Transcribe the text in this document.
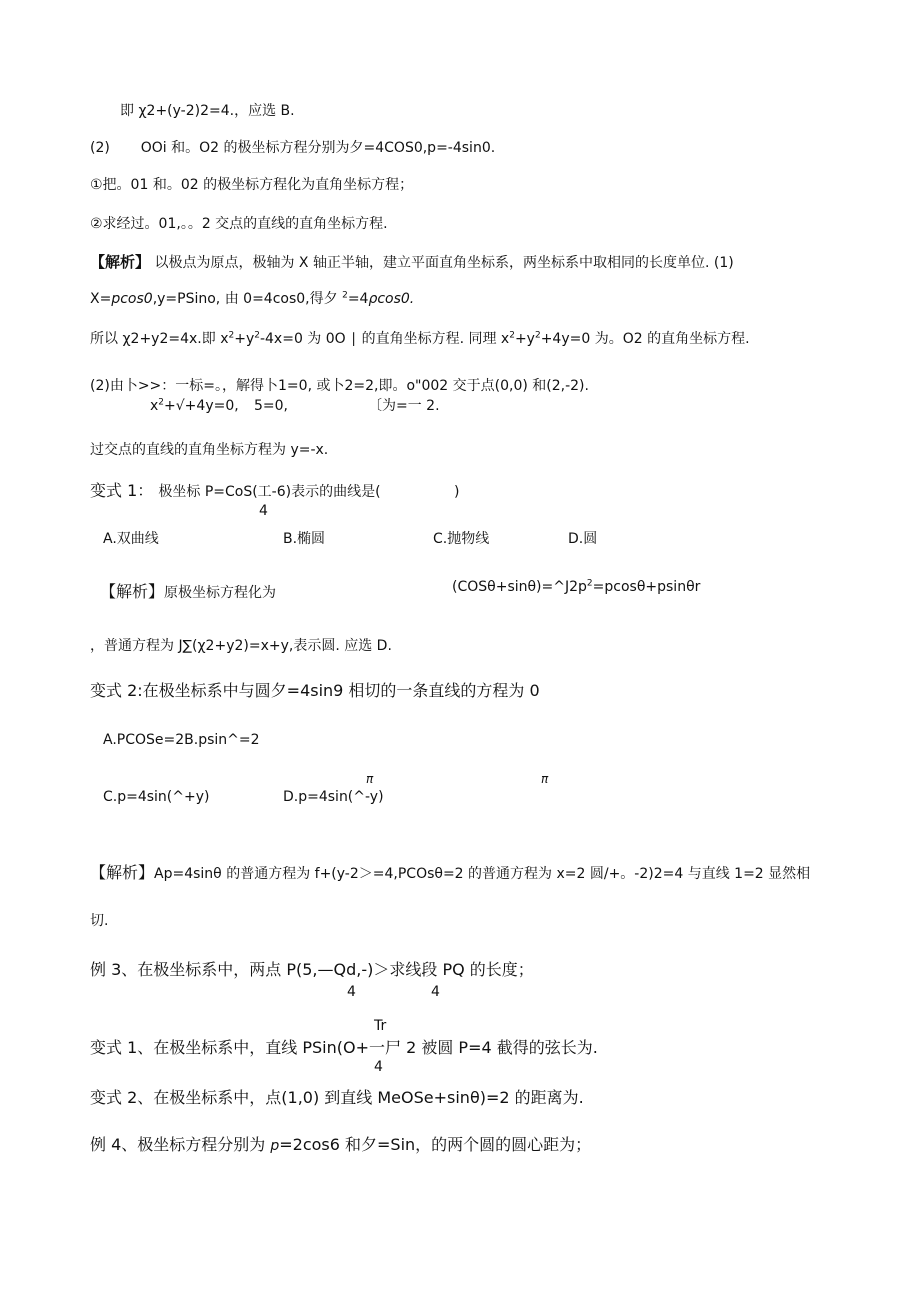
即 χ2+(y-2)2=4.，应选 B.
(2) OOi 和。O2 的极坐标方程分别为夕=4COS0,p=-4sin0.
①把。01 和。02 的极坐标方程化为直角坐标方程；
②求经过。01,。。2 交点的直线的直角坐标方程.
【解析】 以极点为原点，极轴为 X 轴正半轴，建立平面直角坐标系，两坐标系中取相同的长度单位. (1)
X=pcos0,y=PSino, 由 0=4cos0,得夕 $^2$=4ρcos0.
所以 χ2+y2=4x.即 $x^2+y^2-4x=0$ 为 0O ∣ 的直角坐标方程. 同理 $x^2+y^2+4y=0$ 为。O2 的直角坐标方程.
(2)由卜>>：一标=。，解得卜1=0, 或卜2=2,即。o"002 交于点(0,0) 和(2,-2).
$x^2+√+4y=0$, 5=0,	〔为=一 2.
过交点的直线的直角坐标方程为 y=-x.
变式 1： 极坐标 P=CoS(工-6)表示的曲线是(	)
4
A.双曲线	B.椭圆	C.抛物线	D.圆
【解析】原极坐标方程化为	$(COS\theta+\sin\theta)=\^{}J2p^2=pcos\theta+psin\theta r$
，普通方程为 J∑(χ2+y2)=x+y,表示圆. 应选 D.
变式 2:在极坐标系中与圆夕=4sin9 相切的一条直线的方程为 0
A.PCOSe=2B.psin^=2
π	π
C.p=4sin(^+y)	D.p=4sin(^-y)
【解析】Ap=4sinθ 的普通方程为 f+(y-2＞=4,PCOsθ=2 的普通方程为 x=2 圆/+。-2)2=4 与直线 1=2 显然相
切.
例 3、在极坐标系中，两点 P(5,—Qd,-)＞求线段 PQ 的长度；
4	4
Tr
变式 1、在极坐标系中，直线 PSin(O+一尸 2 被圆 P=4 截得的弦长为.
4
变式 2、在极坐标系中，点(1,0) 到直线 MeOSe+sinθ)=2 的距离为.
例 4、极坐标方程分别为 p=2cos6 和夕=Sin，的两个圆的圆心距为；
